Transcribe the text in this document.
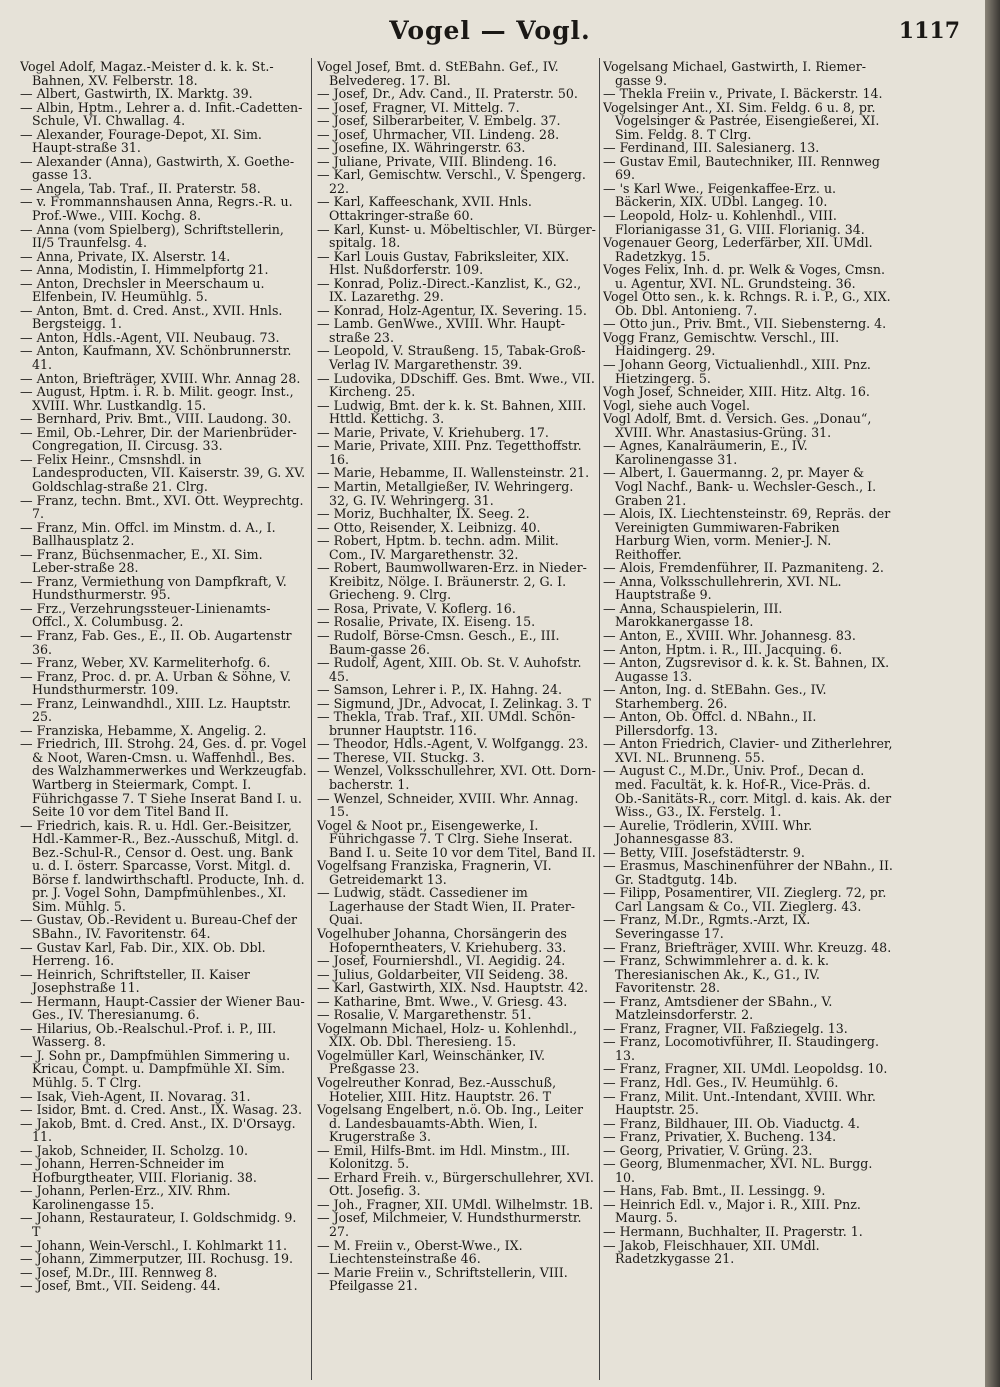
Vogel — Vogl.	1117

Vogel Adolf, Magaz.-Meister d. k. k. St.-Bahnen, XV. Felberstr. 18.

— Albert, Gastwirth, IX. Marktg. 39.

— Albin, Hptm., Lehrer a. d. Infit.-Cadetten-Schule, VI. Chwallag. 4.

— Alexander, Fourage-Depot, XI. Sim. Haupt-straße 31.

— Alexander (Anna), Gastwirth, X. Goethe-gasse 13.

— Angela, Tab. Traf., II. Praterstr. 58.

— v. Frommannshausen Anna, Regrs.-R. u. Prof.-Wwe., VIII. Kochg. 8.

— Anna (vom Spielberg), Schriftstellerin, II/5 Traunfelsg. 4.

— Anna, Private, IX. Alserstr. 14.

— Anna, Modistin, I. Himmelpfortg 21.

— Anton, Drechsler in Meerschaum u. Elfenbein, IV. Heumühlg. 5.

— Anton, Bmt. d. Cred. Anst., XVII. Hnls. Bergsteigg. 1.

— Anton, Hdls.-Agent, VII. Neubaug. 73.

— Anton, Kaufmann, XV. Schönbrunnerstr. 41.

— Anton, Briefträger, XVIII. Whr. Annag 28.

— August, Hptm. i. R. b. Milit. geogr. Inst., XVIII. Whr. Lustkandlg. 15.

— Bernhard, Priv. Bmt., VIII. Laudong. 30.

— Emil, Ob.-Lehrer, Dir. der Marienbrüder-Congregation, II. Circusg. 33.

— Felix Heinr., Cmsnshdl. in Landesproducten, VII. Kaiserstr. 39, G. XV. Goldschlag-straße 21. Clrg.

— Franz, techn. Bmt., XVI. Ott. Weyprechtg. 7.

— Franz, Min. Offcl. im Minstm. d. A., I. Ballhausplatz 2.

— Franz, Büchsenmacher, E., XI. Sim. Leber-straße 28.

— Franz, Vermiethung von Dampfkraft, V. Hundsthurmerstr. 95.

— Frz., Verzehrungssteuer-Linienamts-Offcl., X. Columbusg. 2.

— Franz, Fab. Ges., E., II. Ob. Augartenstr 36.

— Franz, Weber, XV. Karmeliterhofg. 6.

— Franz, Proc. d. pr. A. Urban & Söhne, V. Hundsthurmerstr. 109.

— Franz, Leinwandhdl., XIII. Lz. Hauptstr. 25.

— Franziska, Hebamme, X. Angelig. 2.

— Friedrich, III. Strohg. 24, Ges. d. pr. Vogel & Noot, Waren-Cmsn. u. Waffenhdl., Bes. des Walzhammerwerkes und Werkzeugfab. Wartberg in Steiermark, Compt. I. Führichgasse 7. T Siehe Inserat Band I. u. Seite 10 vor dem Titel Band II.

— Friedrich, kais. R. u. Hdl. Ger.-Beisitzer, Hdl.-Kammer-R., Bez.-Ausschuß, Mitgl. d. Bez.-Schul-R., Censor d. Oest. ung. Bank u. d. I. österr. Sparcasse, Vorst. Mitgl. d. Börse f. landwirthschaftl. Producte, Inh. d. pr. J. Vogel Sohn, Dampfmühlenbes., XI. Sim. Mühlg. 5.

— Gustav, Ob.-Revident u. Bureau-Chef der SBahn., IV. Favoritenstr. 64.

— Gustav Karl, Fab. Dir., XIX. Ob. Dbl. Herreng. 16.

— Heinrich, Schriftsteller, II. Kaiser Josephstraße 11.

— Hermann, Haupt-Cassier der Wiener Bau-Ges., IV. Theresianumg. 6.

— Hilarius, Ob.-Realschul.-Prof. i. P., III. Wasserg. 8.

— J. Sohn pr., Dampfmühlen Simmering u. Kricau, Compt. u. Dampfmühle XI. Sim. Mühlg. 5. T Clrg.

— Isak, Vieh-Agent, II. Novarag. 31.

— Isidor, Bmt. d. Cred. Anst., IX. Wasag. 23.

— Jakob, Bmt. d. Cred. Anst., IX. D'Orsayg. 11.

— Jakob, Schneider, II. Scholzg. 10.

— Johann, Herren-Schneider im Hofburgtheater, VIII. Florianig. 38.

— Johann, Perlen-Erz., XIV. Rhm. Karolinengasse 15.

— Johann, Restaurateur, I. Goldschmidg. 9. T

— Johann, Wein-Verschl., I. Kohlmarkt 11.

— Johann, Zimmerputzer, III. Rochusg. 19.

— Josef, M.Dr., III. Rennweg 8.

— Josef, Bmt., VII. Seideng. 44.

Vogel Josef, Bmt. d. StEBahn. Gef., IV. Belvedereg. 17. Bl.

— Josef, Dr., Adv. Cand., II. Praterstr. 50.

— Josef, Fragner, VI. Mittelg. 7.

— Josef, Silberarbeiter, V. Embelg. 37.

— Josef, Uhrmacher, VII. Lindeng. 28.

— Josefine, IX. Währingerstr. 63.

— Juliane, Private, VIII. Blindeng. 16.

— Karl, Gemischtw. Verschl., V. Spengerg. 22.

— Karl, Kaffeeschank, XVII. Hnls. Ottakringer-straße 60.

— Karl, Kunst- u. Möbeltischler, VI. Bürger-spitalg. 18.

— Karl Louis Gustav, Fabriksleiter, XIX. Hlst. Nußdorferstr. 109.

— Konrad, Poliz.-Direct.-Kanzlist, K., G2., IX. Lazarethg. 29.

— Konrad, Holz-Agentur, IX. Severing. 15.

— Lamb. GenWwe., XVIII. Whr. Haupt-straße 23.

— Leopold, V. Straußeng. 15, Tabak-Groß-Verlag IV. Margarethenstr. 39.

— Ludovika, DDschiff. Ges. Bmt. Wwe., VII. Kircheng. 25.

— Ludwig, Bmt. der k. k. St. Bahnen, XIII. Httld. Kettichg. 3.

— Marie, Private, V. Kriehuberg. 17.

— Marie, Private, XIII. Pnz. Tegetthoffstr. 16.

— Marie, Hebamme, II. Wallensteinstr. 21.

— Martin, Metallgießer, IV. Wehringerg. 32, G. IV. Wehringerg. 31.

— Moriz, Buchhalter, IX. Seeg. 2.

— Otto, Reisender, X. Leibnizg. 40.

— Robert, Hptm. b. techn. adm. Milit. Com., IV. Margarethenstr. 32.

— Robert, Baumwollwaren-Erz. in Nieder-Kreibitz, Nölge. I. Bräunerstr. 2, G. I. Griecheng. 9. Clrg.

— Rosa, Private, V. Koflerg. 16.

— Rosalie, Private, IX. Eiseng. 15.

— Rudolf, Börse-Cmsn. Gesch., E., III. Baum-gasse 26.

— Rudolf, Agent, XIII. Ob. St. V. Auhofstr. 45.

— Samson, Lehrer i. P., IX. Hahng. 24.

— Sigmund, JDr., Advocat, I. Zelinkag. 3. T

— Thekla, Trab. Traf., XII. UMdl. Schön-brunner Hauptstr. 116.

— Theodor, Hdls.-Agent, V. Wolfgangg. 23.

— Therese, VII. Stuckg. 3.

— Wenzel, Volksschullehrer, XVI. Ott. Dorn-bacherstr. 1.

— Wenzel, Schneider, XVIII. Whr. Annag. 15.

Vogel & Noot pr., Eisengewerke, I. Führichgasse 7. T Clrg. Siehe Inserat. Band I. u. Seite 10 vor dem Titel, Band II.

Vogelfsang Franziska, Fragnerin, VI. Getreidemarkt 13.

— Ludwig, städt. Cassediener im Lagerhause der Stadt Wien, II. Prater-Quai.

Vogelhuber Johanna, Chorsängerin des Hofoperntheaters, V. Kriehuberg. 33.

— Josef, Fourniershdl., VI. Aegidig. 24.

— Julius, Goldarbeiter, VII Seideng. 38.

— Karl, Gastwirth, XIX. Nsd. Hauptstr. 42.

— Katharine, Bmt. Wwe., V. Griesg. 43.

— Rosalie, V. Margarethenstr. 51.

Vogelmann Michael, Holz- u. Kohlenhdl., XIX. Ob. Dbl. Theresieng. 15.

Vogelmüller Karl, Weinschänker, IV. Preßgasse 23.

Vogelreuther Konrad, Bez.-Ausschuß, Hotelier, XIII. Hitz. Hauptstr. 26. T

Vogelsang Engelbert, n.ö. Ob. Ing., Leiter d. Landesbauamts-Abth. Wien, I. Krugerstraße 3.

— Emil, Hilfs-Bmt. im Hdl. Minstm., III. Kolonitzg. 5.

— Erhard Freih. v., Bürgerschullehrer, XVI. Ott. Josefig. 3.

— Joh., Fragner, XII. UMdl. Wilhelmstr. 1B.

— Josef, Milchmeier, V. Hundsthurmerstr. 27.

— M. Freiin v., Oberst-Wwe., IX. Liechtensteinstraße 46.

— Marie Freiin v., Schriftstellerin, VIII. Pfeilgasse 21.

Vogelsang Michael, Gastwirth, I. Riemer-gasse 9.

— Thekla Freiin v., Private, I. Bäckerstr. 14.

Vogelsinger Ant., XI. Sim. Feldg. 6 u. 8, pr. Vogelsinger & Pastrée, Eisengießerei, XI. Sim. Feldg. 8. T Clrg.

— Ferdinand, III. Salesianerg. 13.

— Gustav Emil, Bautechniker, III. Rennweg 69.

— 's Karl Wwe., Feigenkaffee-Erz. u. Bäckerin, XIX. UDbl. Langeg. 10.

— Leopold, Holz- u. Kohlenhdl., VIII. Florianigasse 31, G. VIII. Florianig. 34.

Vogenauer Georg, Lederfärber, XII. UMdl. Radetzkyg. 15.

Voges Felix, Inh. d. pr. Welk & Voges, Cmsn. u. Agentur, XVI. NL. Grundsteing. 36.

Vogel Otto sen., k. k. Rchngs. R. i. P., G., XIX. Ob. Dbl. Antonieng. 7.

— Otto jun., Priv. Bmt., VII. Siebensterng. 4.

Vogg Franz, Gemischtw. Verschl., III. Haidingerg. 29.

— Johann Georg, Victualienhdl., XIII. Pnz. Hietzingerg. 5.

Vogh Josef, Schneider, XIII. Hitz. Altg. 16.

Vogl, siehe auch Vogel.

Vogl Adolf, Bmt. d. Versich. Ges. „Donau“, XVIII. Whr. Anastasius-Grüng. 31.

— Agnes, Kanalräumerin, E., IV. Karolinengasse 31.

— Albert, I. Gauermanng. 2, pr. Mayer & Vogl Nachf., Bank- u. Wechsler-Gesch., I. Graben 21.

— Alois, IX. Liechtensteinstr. 69, Repräs. der Vereinigten Gummiwaren-Fabriken Harburg Wien, vorm. Menier-J. N. Reithoffer.

— Alois, Fremdenführer, II. Pazmaniteng. 2.

— Anna, Volksschullehrerin, XVI. NL. Hauptstraße 9.

— Anna, Schauspielerin, III. Marokkanergasse 18.

— Anton, E., XVIII. Whr. Johannesg. 83.

— Anton, Hptm. i. R., III. Jacquing. 6.

— Anton, Zugsrevisor d. k. k. St. Bahnen, IX. Augasse 13.

— Anton, Ing. d. StEBahn. Ges., IV. Starhemberg. 26.

— Anton, Ob. Offcl. d. NBahn., II. Pillersdorfg. 13.

— Anton Friedrich, Clavier- und Zitherlehrer, XVI. NL. Brunneng. 55.

— August C., M.Dr., Univ. Prof., Decan d. med. Facultät, k. k. Hof-R., Vice-Präs. d. Ob.-Sanitäts-R., corr. Mitgl. d. kais. Ak. der Wiss., G3., IX. Ferstelg. 1.

— Aurelie, Trödlerin, XVIII. Whr. Johannesgasse 83.

— Betty, VIII. Josefstädterstr. 9.

— Erasmus, Maschinenführer der NBahn., II. Gr. Stadtgutg. 14b.

— Filipp, Posamentirer, VII. Zieglerg. 72, pr. Carl Langsam & Co., VII. Zieglerg. 43.

— Franz, M.Dr., Rgmts.-Arzt, IX. Severingasse 17.

— Franz, Briefträger, XVIII. Whr. Kreuzg. 48.

— Franz, Schwimmlehrer a. d. k. k. Theresianischen Ak., K., G1., IV. Favoritenstr. 28.

— Franz, Amtsdiener der SBahn., V. Matzleinsdorferstr. 2.

— Franz, Fragner, VII. Faßziegelg. 13.

— Franz, Locomotivführer, II. Staudingerg. 13.

— Franz, Fragner, XII. UMdl. Leopoldsg. 10.

— Franz, Hdl. Ges., IV. Heumühlg. 6.

— Franz, Milit. Unt.-Intendant, XVIII. Whr. Hauptstr. 25.

— Franz, Bildhauer, III. Ob. Viaductg. 4.

— Franz, Privatier, X. Bucheng. 134.

— Georg, Privatier, V. Grüng. 23.

— Georg, Blumenmacher, XVI. NL. Burgg. 10.

— Hans, Fab. Bmt., II. Lessingg. 9.

— Heinrich Edl. v., Major i. R., XIII. Pnz. Maurg. 5.

— Hermann, Buchhalter, II. Pragerstr. 1.

— Jakob, Fleischhauer, XII. UMdl. Radetzkygasse 21.
